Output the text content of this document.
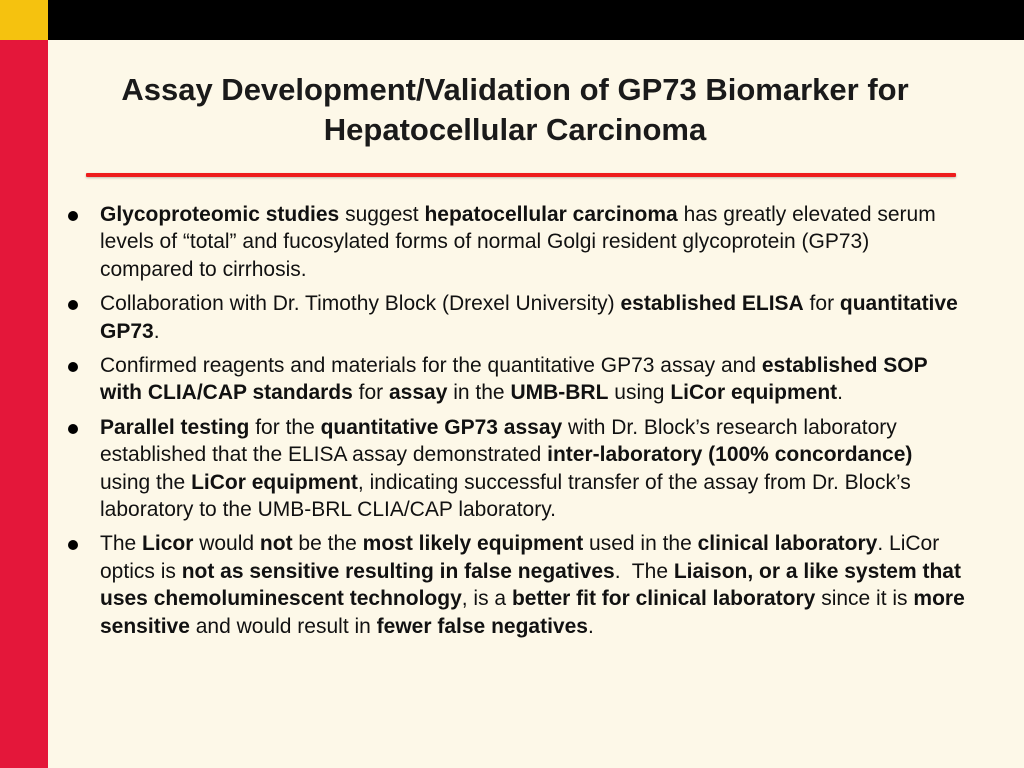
Assay Development/Validation of GP73 Biomarker for
Hepatocellular Carcinoma
Glycoproteomic studies suggest hepatocellular carcinoma has greatly elevated serum levels of “total” and fucosylated forms of normal Golgi resident glycoprotein (GP73) compared to cirrhosis.
Collaboration with Dr. Timothy Block (Drexel University) established ELISA for quantitative GP73.
Confirmed reagents and materials for the quantitative GP73 assay and established SOP with CLIA/CAP standards for assay in the UMB-BRL using LiCor equipment.
Parallel testing for the quantitative GP73 assay with Dr. Block’s research laboratory established that the ELISA assay demonstrated inter-laboratory (100% concordance) using the LiCor equipment, indicating successful transfer of the assay from Dr. Block’s laboratory to the UMB-BRL CLIA/CAP laboratory.
The Licor would not be the most likely equipment used in the clinical laboratory. LiCor optics is not as sensitive resulting in false negatives.  The Liaison, or a like system that uses chemoluminescent technology, is a better fit for clinical laboratory since it is more sensitive and would result in fewer false negatives.
